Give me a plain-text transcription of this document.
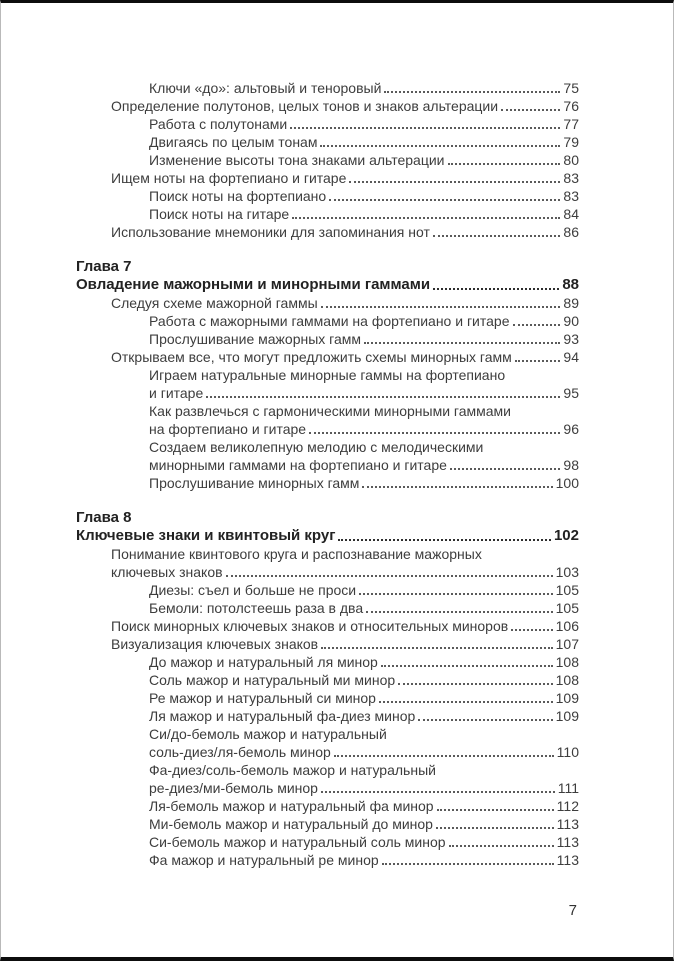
Ключи «до»: альтовый и теноровый	75
Определение полутонов, целых тонов и знаков альтерации	76
Работа с полутонами	77
Двигаясь по целым тонам	79
Изменение высоты тона знаками альтерации	80
Ищем ноты на фортепиано и гитаре	83
Поиск ноты на фортепиано	83
Поиск ноты на гитаре	84
Использование мнемоники для запоминания нот	86
Глава 7
Овладение мажорными и минорными гаммами	88
Следуя схеме мажорной гаммы	89
Работа с мажорными гаммами на фортепиано и гитаре	90
Прослушивание мажорных гамм	93
Открываем все, что могут предложить схемы минорных гамм	94
Играем натуральные минорные гаммы на фортепиано
и гитаре	95
Как развлечься с гармоническими минорными гаммами
на фортепиано и гитаре	96
Создаем великолепную мелодию с мелодическими
минорными гаммами на фортепиано и гитаре	98
Прослушивание минорных гамм	100
Глава 8
Ключевые знаки и квинтовый круг	102
Понимание квинтового круга и распознавание мажорных
ключевых знаков	103
Диезы: съел и больше не проси	105
Бемоли: потолстеешь раза в два	105
Поиск минорных ключевых знаков и относительных миноров	106
Визуализация ключевых знаков	107
До мажор и натуральный ля минор	108
Соль мажор и натуральный ми минор	108
Ре мажор и натуральный си минор	109
Ля мажор и натуральный фа-диез минор	109
Си/до-бемоль мажор и натуральный
соль-диез/ля-бемоль минор	110
Фа-диез/соль-бемоль мажор и натуральный
ре-диез/ми-бемоль минор	111
Ля-бемоль мажор и натуральный фа минор	112
Ми-бемоль мажор и натуральный до минор	113
Си-бемоль мажор и натуральный соль минор	113
Фа мажор и натуральный ре минор	113
7
